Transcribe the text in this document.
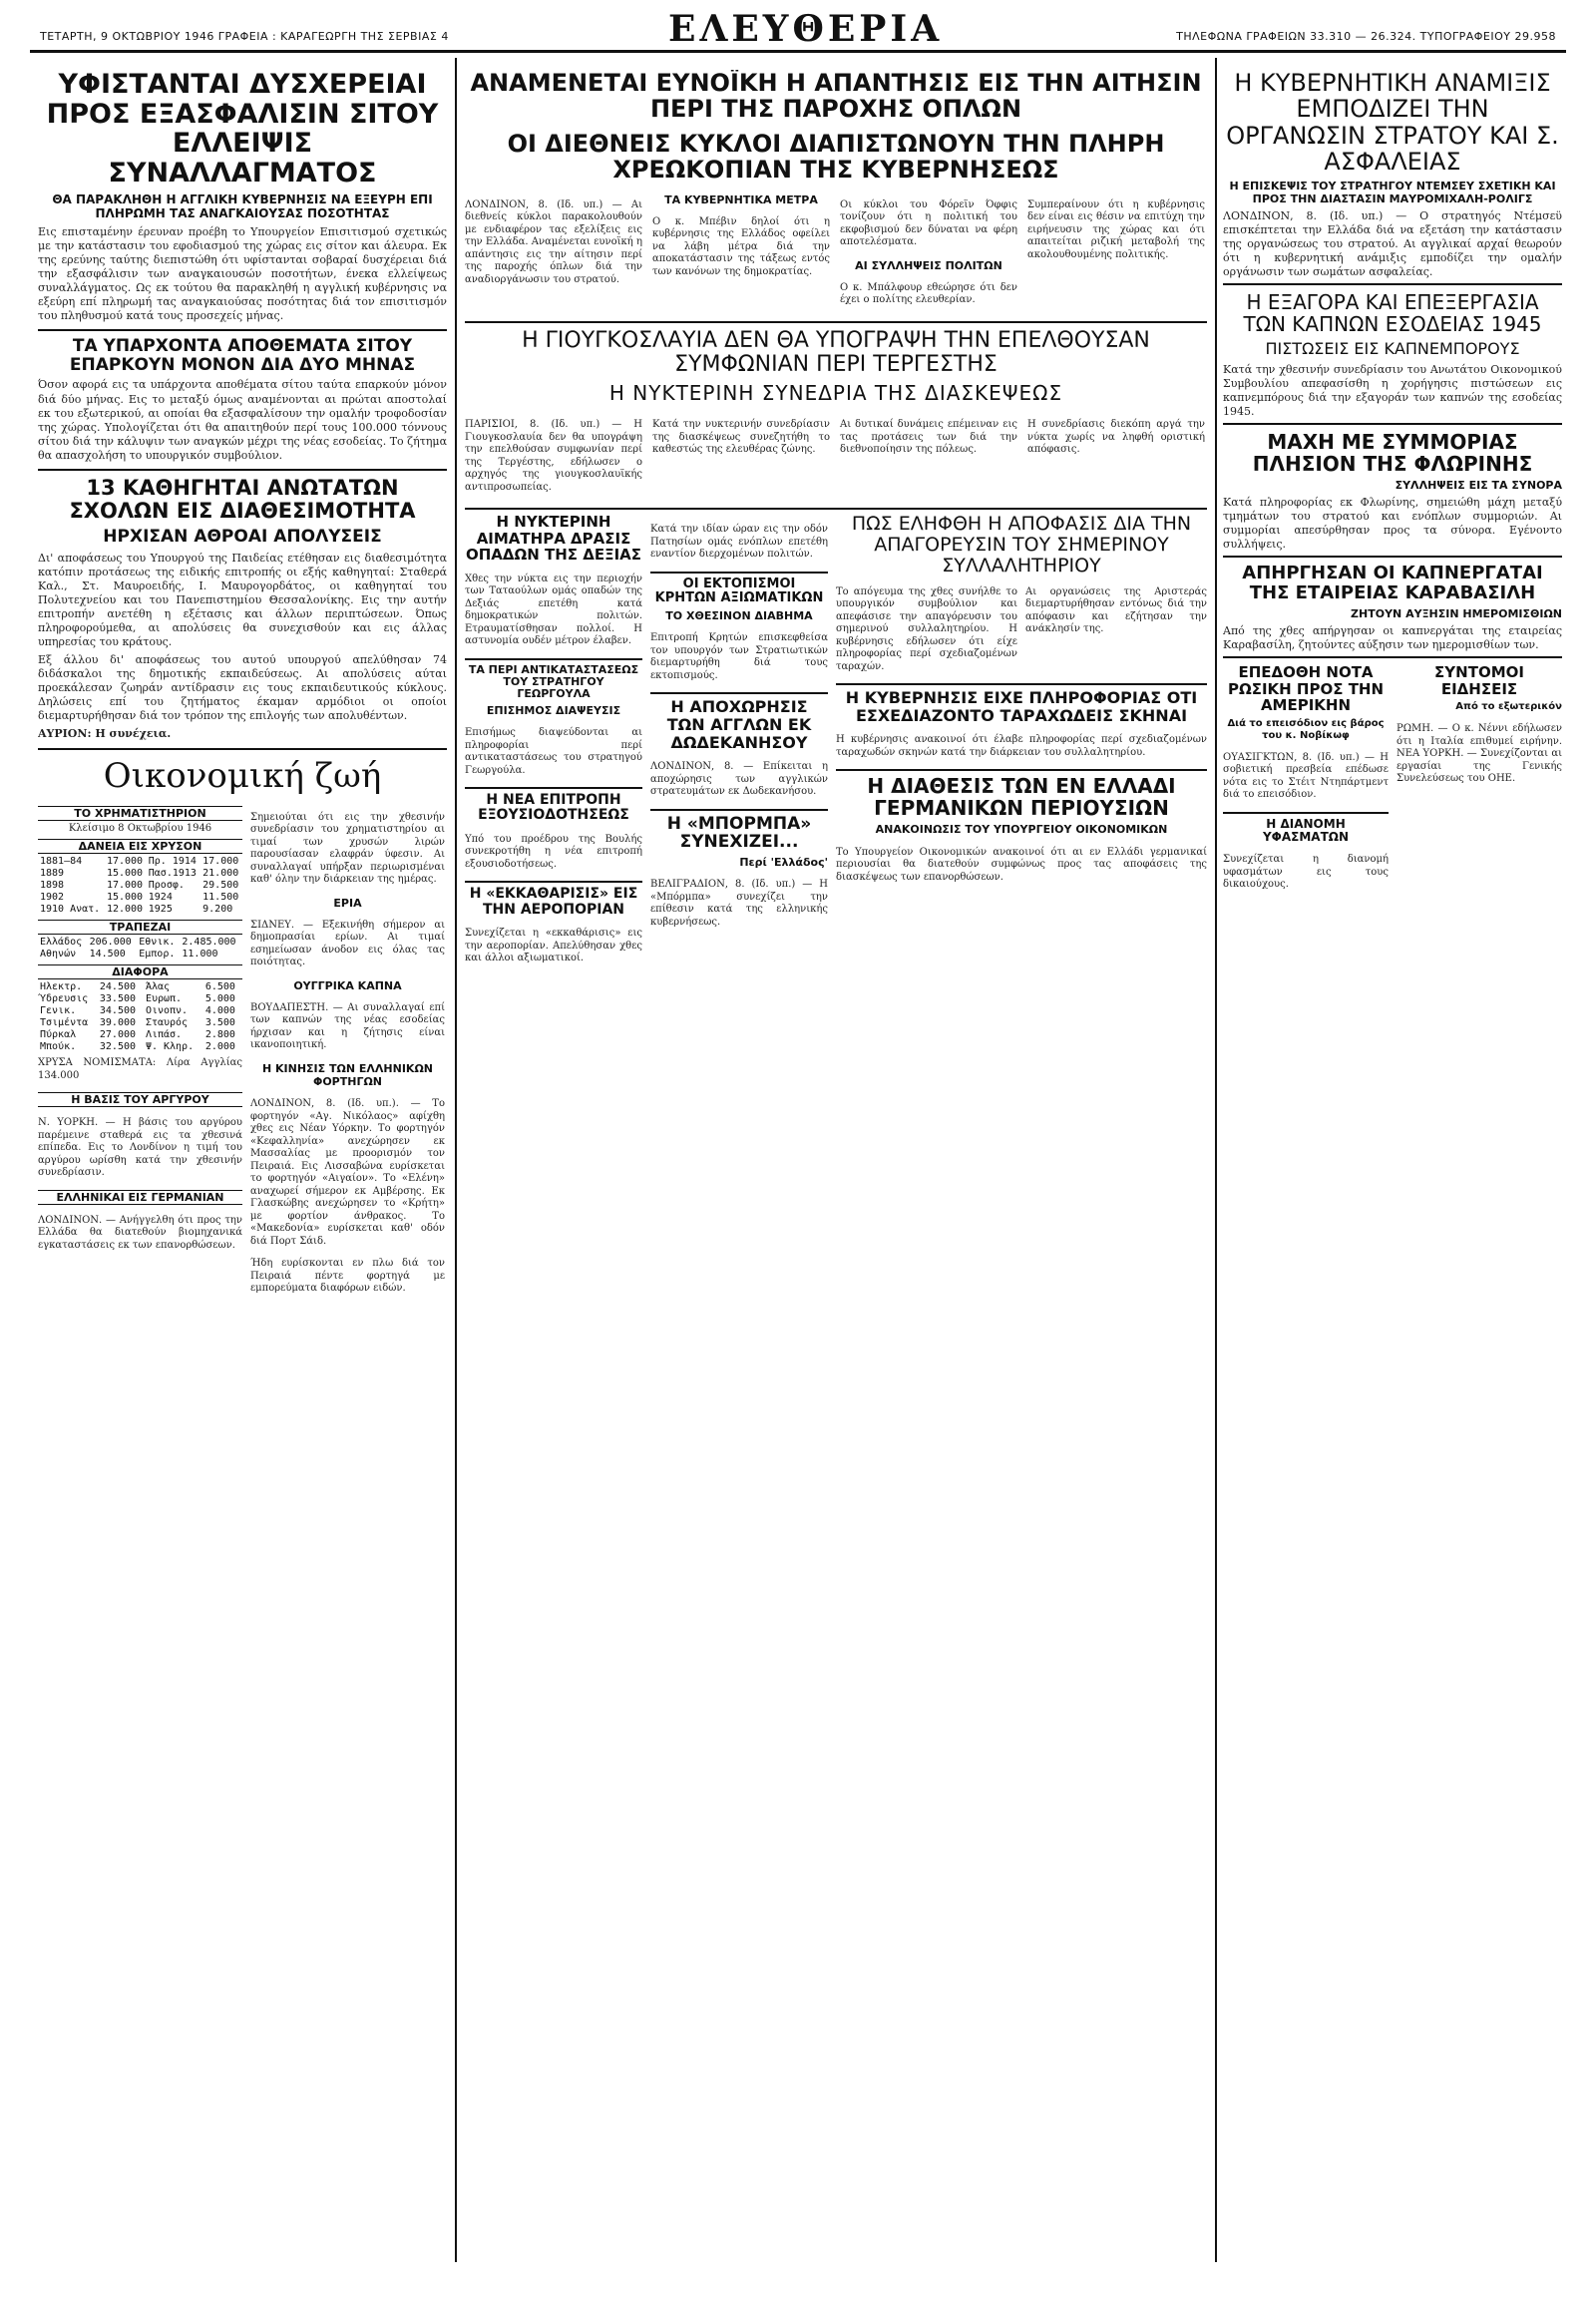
ΤΕΤΑΡΤΗ, 9 ΟΚΤΩΒΡΙΟΥ 1946 ΓΡΑΦΕΙΑ : ΚΑΡΑΓΕΩΡΓΗ ΤΗΣ ΣΕΡΒΙΑΣ 4	ΕΛΕΥΘΕΡΙΑ	ΤΗΛΕΦΩΝΑ ΓΡΑΦΕΙΩΝ 33.310 — 26.324. ΤΥΠΟΓΡΑΦΕΙΟΥ 29.958
ΥΦΙΣΤΑΝΤΑΙ ΔΥΣΧΕΡΕΙΑΙ ΠΡΟΣ ΕΞΑΣΦΑΛΙΣΙΝ ΣΙΤΟΥ ΕΛΛΕΙΨΙΣ ΣΥΝΑΛΛΑΓΜΑΤΟΣ

ΘΑ ΠΑΡΑΚΛΗΘΗ Η ΑΓΓΛΙΚΗ ΚΥΒΕΡΝΗΣΙΣ ΝΑ ΕΞΕΥΡΗ ΕΠΙ ΠΛΗΡΩΜΗ ΤΑΣ ΑΝΑΓΚΑΙΟΥΣΑΣ ΠΟΣΟΤΗΤΑΣ

Εις επισταμένην έρευναν προέβη το Υπουργείον Επισιτισμού σχετικώς με την κατάστασιν του εφοδιασμού της χώρας εις σίτον και άλευρα. Εκ της ερεύνης ταύτης διεπιστώθη ότι υφίστανται σοβαραί δυσχέρειαι διά την εξασφάλισιν των αναγκαιουσών ποσοτήτων, ένεκα ελλείψεως συναλλάγματος. Ως εκ τούτου θα παρακληθή η αγγλική κυβέρνησις να εξεύρη επί πληρωμή τας αναγκαιούσας ποσότητας διά τον επισιτισμόν του πληθυσμού κατά τους προσεχείς μήνας.

ΤΑ ΥΠΑΡΧΟΝΤΑ ΑΠΟΘΕΜΑΤΑ ΣΙΤΟΥ ΕΠΑΡΚΟΥΝ ΜΟΝΟΝ ΔΙΑ ΔΥΟ ΜΗΝΑΣ

Όσον αφορά εις τα υπάρχοντα αποθέματα σίτου ταύτα επαρκούν μόνον διά δύο μήνας. Εις το μεταξύ όμως αναμένονται αι πρώται αποστολαί εκ του εξωτερικού, αι οποίαι θα εξασφαλίσουν την ομαλήν τροφοδοσίαν της χώρας. Υπολογίζεται ότι θα απαιτηθούν περί τους 100.000 τόννους σίτου διά την κάλυψιν των αναγκών μέχρι της νέας εσοδείας. Το ζήτημα θα απασχολήση το υπουργικόν συμβούλιον.

13 ΚΑΘΗΓΗΤΑΙ ΑΝΩΤΑΤΩΝ ΣΧΟΛΩΝ ΕΙΣ ΔΙΑΘΕΣΙΜΟΤΗΤΑ

ΗΡΧΙΣΑΝ ΑΘΡΟΑΙ ΑΠΟΛΥΣΕΙΣ

Δι' αποφάσεως του Υπουργού της Παιδείας ετέθησαν εις διαθεσιμότητα κατόπιν προτάσεως της ειδικής επιτροπής οι εξής καθηγηταί: Σταθερά Καλ., Στ. Μαυροειδής, Ι. Μαυρογορδάτος, οι καθηγηταί του Πολυτεχνείου και του Πανεπιστημίου Θεσσαλονίκης. Εις την αυτήν επιτροπήν ανετέθη η εξέτασις και άλλων περιπτώσεων. Όπως πληροφορούμεθα, αι απολύσεις θα συνεχισθούν και εις άλλας υπηρεσίας του κράτους.

Εξ άλλου δι' αποφάσεως του αυτού υπουργού απελύθησαν 74 διδάσκαλοι της δημοτικής εκπαιδεύσεως. Αι απολύσεις αύται προεκάλεσαν ζωηράν αντίδρασιν εις τους εκπαιδευτικούς κύκλους. Δηλώσεις επί του ζητήματος έκαμαν αρμόδιοι οι οποίοι διεμαρτυρήθησαν διά τον τρόπον της επιλογής των απολυθέντων.

ΑΥΡΙΟΝ: Η συνέχεια.

Οικονομική ζωή
ΤΟ ΧΡΗΜΑΤΙΣΤΗΡΙΟΝ
Κλείσιμο 8 Οκτωβρίου 1946
ΔΑΝΕΙΑ ΕΙΣ ΧΡΥΣΟΝ
1881—84	17.000	Πρ. 1914	17.000
1889	15.000	Πασ.1913	21.000
1898	17.000	Προσφ.	29.500
1902	15.000	1924	11.500
1910 Ανατ.	12.000	1925	9.200
ΤΡΑΠΕΖΑΙ
Ελλάδος	206.000	Εθνικ.	2.485.000
Αθηνών	14.500	Εμπορ.	11.000
ΔΙΑΦΟΡΑ
Ηλεκτρ.	24.500	Άλας	6.500
Ύδρευσις	33.500	Ευρωπ.	5.000
Γενικ.	34.500	Οινοπν.	4.000
Τσιμέντα	39.000	Σταυρός	3.500
Πύρκαλ	27.000	Λιπάσ.	2.800
Μπούκ.	32.500	Ψ. Κληρ.	2.000

ΧΡΥΣΑ ΝΟΜΙΣΜΑΤΑ: Λίρα Αγγλίας 134.000

Η ΒΑΣΙΣ ΤΟΥ ΑΡΓΥΡΟΥ

Ν. ΥΟΡΚΗ. — Η βάσις του αργύρου παρέμεινε σταθερά εις τα χθεσινά επίπεδα. Εις το Λονδίνον η τιμή του αργύρου ωρίσθη κατά την χθεσινήν συνεδρίασιν.

ΕΛΛΗΝΙΚΑΙ ΕΙΣ ΓΕΡΜΑΝΙΑΝ

ΛΟΝΔΙΝΟΝ. — Ανήγγελθη ότι προς την Ελλάδα θα διατεθούν βιομηχανικά εγκαταστάσεις εκ των επανορθώσεων.

Σημειούται ότι εις την χθεσινήν συνεδρίασιν του χρηματιστηρίου αι τιμαί των χρυσών λιρών παρουσίασαν ελαφράν ύφεσιν. Αι συναλλαγαί υπήρξαν περιωρισμέναι καθ' όλην την διάρκειαν της ημέρας.

ΕΡΙΑ

ΣΙΔΝΕΥ. — Εξεκινήθη σήμερον αι δημοπρασίαι ερίων. Αι τιμαί εσημείωσαν άνοδον εις όλας τας ποιότητας.

ΟΥΓΓΡΙΚΑ ΚΑΠΝΑ

ΒΟΥΔΑΠΕΣΤΗ. — Αι συναλλαγαί επί των καπνών της νέας εσοδείας ήρχισαν και η ζήτησις είναι ικανοποιητική.

Η ΚΙΝΗΣΙΣ ΤΩΝ ΕΛΛΗΝΙΚΩΝ ΦΟΡΤΗΓΩΝ

ΛΟΝΔΙΝΟΝ, 8. (Ιδ. υπ.). — Το φορτηγόν «Αγ. Νικόλαος» αφίχθη χθες εις Νέαν Υόρκην. Το φορτηγόν «Κεφαλληνία» ανεχώρησεν εκ Μασσαλίας με προορισμόν τον Πειραιά. Εις Λισσαβώνα ευρίσκεται το φορτηγόν «Αιγαίον». Το «Ελένη» αναχωρεί σήμερον εκ Αμβέρσης. Εκ Γλασκώβης ανεχώρησεν το «Κρήτη» με φορτίον άνθρακος. Το «Μακεδονία» ευρίσκεται καθ' οδόν διά Πορτ Σάιδ.

Ήδη ευρίσκονται εν πλω διά τον Πειραιά πέντε φορτηγά με εμπορεύματα διαφόρων ειδών.

ΑΝΑΜΕΝΕΤΑΙ ΕΥΝΟΪΚΗ Η ΑΠΑΝΤΗΣΙΣ ΕΙΣ ΤΗΝ ΑΙΤΗΣΙΝ ΠΕΡΙ ΤΗΣ ΠΑΡΟΧΗΣ ΟΠΛΩΝ
ΟΙ ΔΙΕΘΝΕΙΣ ΚΥΚΛΟΙ ΔΙΑΠΙΣΤΩΝΟΥΝ ΤΗΝ ΠΛΗΡΗ ΧΡΕΩΚΟΠΙΑΝ ΤΗΣ ΚΥΒΕΡΝΗΣΕΩΣ

ΛΟΝΔΙΝΟΝ, 8. (Ιδ. υπ.) — Αι διεθνείς κύκλοι παρακολουθούν με ενδιαφέρον τας εξελίξεις εις την Ελλάδα. Αναμένεται ευνοϊκή η απάντησις εις την αίτησιν περί της παροχής όπλων διά την αναδιοργάνωσιν του στρατού.

ΤΑ ΚΥΒΕΡΝΗΤΙΚΑ ΜΕΤΡΑ

Ο κ. Μπέβιν δηλοί ότι η κυβέρνησις της Ελλάδος οφείλει να λάβη μέτρα διά την αποκατάστασιν της τάξεως εντός των κανόνων της δημοκρατίας.

Οι κύκλοι του Φόρεϊν Όφφις τονίζουν ότι η πολιτική του εκφοβισμού δεν δύναται να φέρη αποτελέσματα.

ΑΙ ΣΥΛΛΗΨΕΙΣ ΠΟΛΙΤΩΝ

Ο κ. Μπάλφουρ εθεώρησε ότι δεν έχει ο πολίτης ελευθερίαν.

Συμπεραίνουν ότι η κυβέρνησις δεν είναι εις θέσιν να επιτύχη την ειρήνευσιν της χώρας και ότι απαιτείται ριζική μεταβολή της ακολουθουμένης πολιτικής.

Η ΓΙΟΥΓΚΟΣΛΑΥΙΑ ΔΕΝ ΘΑ ΥΠΟΓΡΑΨΗ ΤΗΝ ΕΠΕΛΘΟΥΣΑΝ ΣΥΜΦΩΝΙΑΝ ΠΕΡΙ ΤΕΡΓΕΣΤΗΣ

Η ΝΥΚΤΕΡΙΝΗ ΣΥΝΕΔΡΙΑ ΤΗΣ ΔΙΑΣΚΕΨΕΩΣ

ΠΑΡΙΣΙΟΙ, 8. (Ιδ. υπ.) — Η Γιουγκοσλαυία δεν θα υπογράψη την επελθούσαν συμφωνίαν περί της Τεργέστης, εδήλωσεν ο αρχηγός της γιουγκοσλαυϊκής αντιπροσωπείας.

Κατά την νυκτερινήν συνεδρίασιν της διασκέψεως συνεζητήθη το καθεστώς της ελευθέρας ζώνης.

Αι δυτικαί δυνάμεις επέμειναν εις τας προτάσεις των διά την διεθνοποίησιν της πόλεως.

Η συνεδρίασις διεκόπη αργά την νύκτα χωρίς να ληφθή οριστική απόφασις.

Η ΝΥΚΤΕΡΙΝΗ ΑΙΜΑΤΗΡΑ ΔΡΑΣΙΣ ΟΠΑΔΩΝ ΤΗΣ ΔΕΞΙΑΣ

Χθες την νύκτα εις την περιοχήν των Ταταούλων ομάς οπαδών της Δεξιάς επετέθη κατά δημοκρατικών πολιτών. Ετραυματίσθησαν πολλοί. Η αστυνομία ουδέν μέτρον έλαβεν.

ΤΑ ΠΕΡΙ ΑΝΤΙΚΑΤΑΣΤΑΣΕΩΣ ΤΟΥ ΣΤΡΑΤΗΓΟΥ ΓΕΩΡΓΟΥΛΑ

ΕΠΙΣΗΜΟΣ ΔΙΑΨΕΥΣΙΣ

Επισήμως διαψεύδονται αι πληροφορίαι περί αντικαταστάσεως του στρατηγού Γεωργούλα.

Η ΝΕΑ ΕΠΙΤΡΟΠΗ ΕΞΟΥΣΙΟΔΟΤΗΣΕΩΣ

Υπό του προέδρου της Βουλής συνεκροτήθη η νέα επιτροπή εξουσιοδοτήσεως.

Η «ΕΚΚΑΘΑΡΙΣΙΣ» ΕΙΣ ΤΗΝ ΑΕΡΟΠΟΡΙΑΝ

Συνεχίζεται η «εκκαθάρισις» εις την αεροπορίαν. Απελύθησαν χθες και άλλοι αξιωματικοί.

Κατά την ιδίαν ώραν εις την οδόν Πατησίων ομάς ενόπλων επετέθη εναντίον διερχομένων πολιτών.

ΟΙ ΕΚΤΟΠΙΣΜΟΙ ΚΡΗΤΩΝ ΑΞΙΩΜΑΤΙΚΩΝ

ΤΟ ΧΘΕΣΙΝΟΝ ΔΙΑΒΗΜΑ

Επιτροπή Κρητών επισκεφθείσα τον υπουργόν των Στρατιωτικών διεμαρτυρήθη διά τους εκτοπισμούς.

Η ΑΠΟΧΩΡΗΣΙΣ ΤΩΝ ΑΓΓΛΩΝ ΕΚ ΔΩΔΕΚΑΝΗΣΟΥ

ΛΟΝΔΙΝΟΝ, 8. — Επίκειται η αποχώρησις των αγγλικών στρατευμάτων εκ Δωδεκανήσου.

Η «ΜΠΟΡΜΠΑ» ΣΥΝΕΧΙΖΕΙ...

Περί 'Ελλάδος'

ΒΕΛΙΓΡΑΔΙΟΝ, 8. (Ιδ. υπ.) — Η «Μπόρμπα» συνεχίζει την επίθεσιν κατά της ελληνικής κυβερνήσεως.

ΠΩΣ ΕΛΗΦΘΗ Η ΑΠΟΦΑΣΙΣ ΔΙΑ ΤΗΝ ΑΠΑΓΟΡΕΥΣΙΝ ΤΟΥ ΣΗΜΕΡΙΝΟΥ ΣΥΛΛΑΛΗΤΗΡΙΟΥ

Το απόγευμα της χθες συνήλθε το υπουργικόν συμβούλιον και απεφάσισε την απαγόρευσιν του σημερινού συλλαλητηρίου. Η κυβέρνησις εδήλωσεν ότι είχε πληροφορίας περί σχεδιαζομένων ταραχών.

Αι οργανώσεις της Αριστεράς διεμαρτυρήθησαν εντόνως διά την απόφασιν και εζήτησαν την ανάκλησίν της.

Η ΚΥΒΕΡΝΗΣΙΣ ΕΙΧΕ ΠΛΗΡΟΦΟΡΙΑΣ ΟΤΙ ΕΣΧΕΔΙΑΖΟΝΤΟ ΤΑΡΑΧΩΔΕΙΣ ΣΚΗΝΑΙ

Η κυβέρνησις ανακοινοί ότι έλαβε πληροφορίας περί σχεδιαζομένων ταραχωδών σκηνών κατά την διάρκειαν του συλλαλητηρίου.

Η ΔΙΑΘΕΣΙΣ ΤΩΝ ΕΝ ΕΛΛΑΔΙ ΓΕΡΜΑΝΙΚΩΝ ΠΕΡΙΟΥΣΙΩΝ

ΑΝΑΚΟΙΝΩΣΙΣ ΤΟΥ ΥΠΟΥΡΓΕΙΟΥ ΟΙΚΟΝΟΜΙΚΩΝ

Το Υπουργείον Οικονομικών ανακοινοί ότι αι εν Ελλάδι γερμανικαί περιουσίαι θα διατεθούν συμφώνως προς τας αποφάσεις της διασκέψεως των επανορθώσεων.

Η ΚΥΒΕΡΝΗΤΙΚΗ ΑΝΑΜΙΞΙΣ ΕΜΠΟΔΙΖΕΙ ΤΗΝ ΟΡΓΑΝΩΣΙΝ ΣΤΡΑΤΟΥ ΚΑΙ Σ. ΑΣΦΑΛΕΙΑΣ

Η ΕΠΙΣΚΕΨΙΣ ΤΟΥ ΣΤΡΑΤΗΓΟΥ ΝΤΕΜΣΕΥ ΣΧΕΤΙΚΗ ΚΑΙ ΠΡΟΣ ΤΗΝ ΔΙΑΣΤΑΣΙΝ ΜΑΥΡΟΜΙΧΑΛΗ-ΡΟΛΙΓΣ

ΛΟΝΔΙΝΟΝ, 8. (Ιδ. υπ.) — Ο στρατηγός Ντέμσεϋ επισκέπτεται την Ελλάδα διά να εξετάση την κατάστασιν της οργανώσεως του στρατού. Αι αγγλικαί αρχαί θεωρούν ότι η κυβερνητική ανάμιξις εμποδίζει την ομαλήν οργάνωσιν των σωμάτων ασφαλείας.

Η ΕΞΑΓΟΡΑ ΚΑΙ ΕΠΕΞΕΡΓΑΣΙΑ ΤΩΝ ΚΑΠΝΩΝ ΕΣΟΔΕΙΑΣ 1945

ΠΙΣΤΩΣΕΙΣ ΕΙΣ ΚΑΠΝΕΜΠΟΡΟΥΣ

Κατά την χθεσινήν συνεδρίασιν του Ανωτάτου Οικονομικού Συμβουλίου απεφασίσθη η χορήγησις πιστώσεων εις καπνεμπόρους διά την εξαγοράν των καπνών της εσοδείας 1945.

ΜΑΧΗ ΜΕ ΣΥΜΜΟΡΙΑΣ ΠΛΗΣΙΟΝ ΤΗΣ ΦΛΩΡΙΝΗΣ

ΣΥΛΛΗΨΕΙΣ ΕΙΣ ΤΑ ΣΥΝΟΡΑ

Κατά πληροφορίας εκ Φλωρίνης, σημειώθη μάχη μεταξύ τμημάτων του στρατού και ενόπλων συμμοριών. Αι συμμορίαι απεσύρθησαν προς τα σύνορα. Εγένοντο συλλήψεις.

ΑΠΗΡΓΗΣΑΝ ΟΙ ΚΑΠΝΕΡΓΑΤΑΙ ΤΗΣ ΕΤΑΙΡΕΙΑΣ ΚΑΡΑΒΑΣΙΛΗ

ΖΗΤΟΥΝ ΑΥΞΗΣΙΝ ΗΜΕΡΟΜΙΣΘΙΩΝ

Από της χθες απήργησαν οι καπνεργάται της εταιρείας Καραβασίλη, ζητούντες αύξησιν των ημερομισθίων των.

ΕΠΕΔΟΘΗ ΝΟΤΑ ΡΩΣΙΚΗ ΠΡΟΣ ΤΗΝ ΑΜΕΡΙΚΗΝ

Διά το επεισόδιον εις βάρος του κ. Νοβίκωφ

ΟΥΑΣΙΓΚΤΩΝ, 8. (Ιδ. υπ.) — Η σοβιετική πρεσβεία επέδωσε νότα εις το Στέιτ Ντηπάρτμεντ διά το επεισόδιον.

Η ΔΙΑΝΟΜΗ ΥΦΑΣΜΑΤΩΝ

Συνεχίζεται η διανομή υφασμάτων εις τους δικαιούχους.

ΣΥΝΤΟΜΟΙ ΕΙΔΗΣΕΙΣ

Από το εξωτερικόν

ΡΩΜΗ. — Ο κ. Νέννι εδήλωσεν ότι η Ιταλία επιθυμεί ειρήνην. ΝΕΑ ΥΟΡΚΗ. — Συνεχίζονται αι εργασίαι της Γενικής Συνελεύσεως του ΟΗΕ.
